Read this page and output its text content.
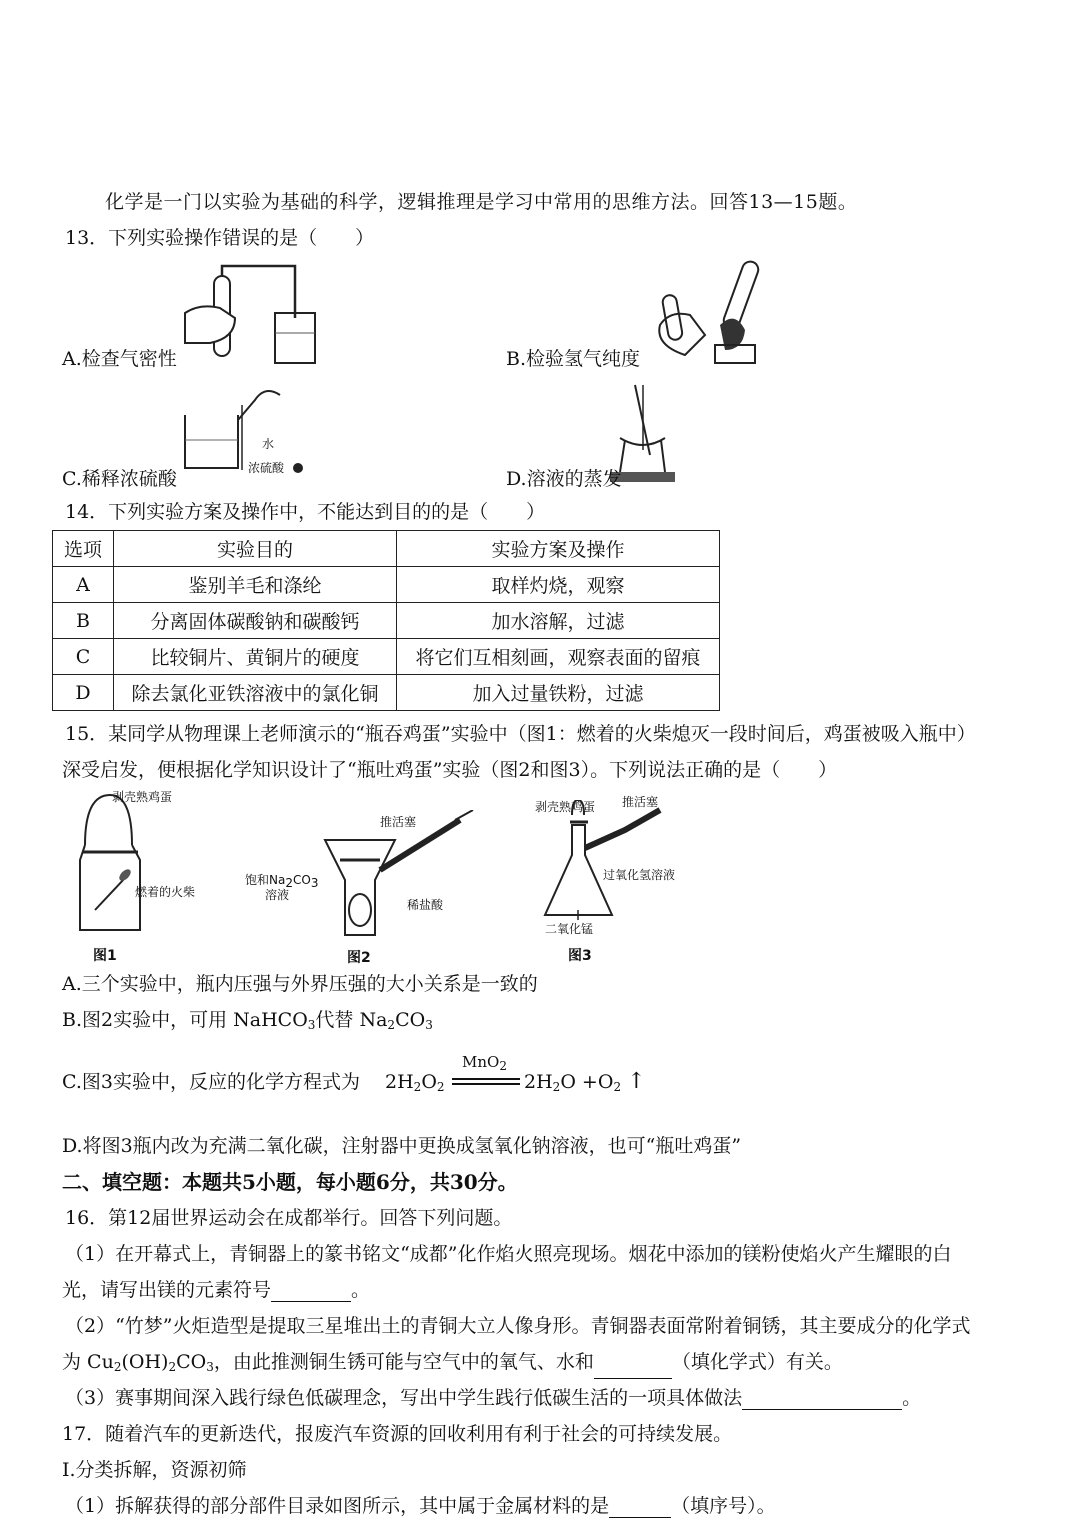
化学是一门以实验为基础的科学，逻辑推理是学习中常用的思维方法。回答13—15题。
13．下列实验操作错误的是（　　）
A.检查气密性	B.检验氢气纯度
水
浓硫酸
C.稀释浓硫酸	D.溶液的蒸发
14．下列实验方案及操作中，不能达到目的的是（　　）
选项	实验目的	实验方案及操作
A	鉴别羊毛和涤纶	取样灼烧，观察
B	分离固体碳酸钠和碳酸钙	加水溶解，过滤
C	比较铜片、黄铜片的硬度	将它们互相刻画，观察表面的留痕
D	除去氯化亚铁溶液中的氯化铜	加入过量铁粉，过滤
15．某同学从物理课上老师演示的“瓶吞鸡蛋”实验中（图1：燃着的火柴熄灭一段时间后，鸡蛋被吸入瓶中）
深受启发，便根据化学知识设计了“瓶吐鸡蛋”实验（图2和图3）。下列说法正确的是（　　）
剥壳熟鸡蛋
燃着的火柴
图1
推活塞
饱和Na2CO3
溶液
稀盐酸
图2
剥壳熟鸡蛋 推活塞
过氧化氢溶液
二氧化锰
图3
A.三个实验中，瓶内压强与外界压强的大小关系是一致的
B.图2实验中，可用 NaHCO$_3$代替 $Na_2CO_3$
C.图3实验中，反应的化学方程式为 $2H_2O_2$
MnO$_2$
$2H_2O +O_2$ ↑
D.将图3瓶内改为充满二氧化碳，注射器中更换成氢氧化钠溶液，也可“瓶吐鸡蛋”
二、填空题：本题共5小题，每小题6分，共30分。
16．第12届世界运动会在成都举行。回答下列问题。
（1）在开幕式上，青铜器上的篆书铭文“成都”化作焰火照亮现场。烟花中添加的镁粉使焰火产生耀眼的白
光，请写出镁的元素符号	。
（2）“竹梦”火炬造型是提取三星堆出土的青铜大立人像身形。青铜器表面常附着铜锈，其主要成分的化学式
为 $Cu_2(OH)_2CO_3$，由此推测铜生锈可能与空气中的氧气、水和	（填化学式）有关。
（3）赛事期间深入践行绿色低碳理念，写出中学生践行低碳生活的一项具体做法	。
17．随着汽车的更新迭代，报废汽车资源的回收利用有利于社会的可持续发展。
Ⅰ.分类拆解，资源初筛
（1）拆解获得的部分部件目录如图所示，其中属于金属材料的是	（填序号）。
